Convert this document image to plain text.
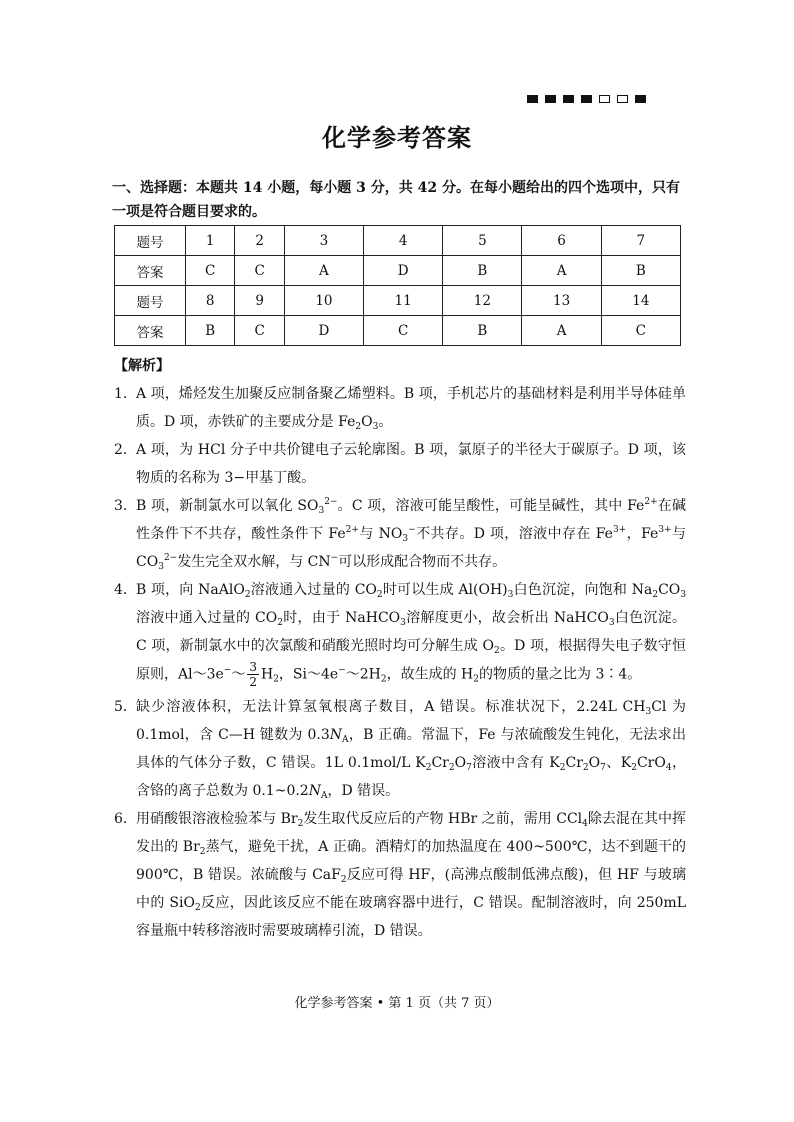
化学参考答案
一、选择题：本题共 14 小题，每小题 3 分，共 42 分。在每小题给出的四个选项中，只有一项是符合题目要求的。
题号	1	2	3	4	5	6	7
答案	C	C	A	D	B	A	B
题号	8	9	10	11	12	13	14
答案	B	C	D	C	B	A	C
【解析】
1． A 项，烯烃发生加聚反应制备聚乙烯塑料。B 项，手机芯片的基础材料是利用半导体硅单质。D 项，赤铁矿的主要成分是 $Fe_2O_3$。
2． A 项，为 HCl 分子中共价键电子云轮廓图。B 项，氯原子的半径大于碳原子。D 项，该物质的名称为 3−甲基丁酸。
3． B 项，新制氯水可以氧化 $SO_3^{2-}$。C 项，溶液可能呈酸性，可能呈碱性，其中 $Fe^{2+}$在碱性条件下不共存，酸性条件下 $Fe^{2+}$与 $NO_3^-$不共存。D 项，溶液中存在 $Fe^{3+}$，$Fe^{3+}$与 $CO_3^{2-}$发生完全双水解，与 CN−可以形成配合物而不共存。
4． B 项，向 NaAlO$_2$溶液通入过量的 $CO_2$时可以生成 $Al(OH)_3$白色沉淀，向饱和 $Na_2CO_3$溶液中通入过量的 $CO_2$时，由于 NaHCO$_3$溶解度更小，故会析出 NaHCO$_3$白色沉淀。C 项，新制氯水中的次氯酸和硝酸光照时均可分解生成 $O_2$。D 项，根据得失电子数守恒原则，Al～3e−～ $\frac{3}{2} H_2$，$Si\sim 4e^-\sim 2H_2$，故生成的 $H_2$的物质的量之比为 3∶4。
5． 缺少溶液体积，无法计算氢氧根离子数目，A 错误。标准状况下，2.24L $CH_3Cl$ 为 0.1mol，含 C—H 键数为 $0.3N_A$，B 正确。常温下，Fe 与浓硫酸发生钝化，无法求出具体的气体分子数，C 错误。1L 0.1mol/L $K_2Cr_2O_7$溶液中含有 $K_2Cr_2O_7$、$K_2CrO_4$，含铬的离子总数为 $0.1\sim 0.2N_A$，D 错误。
6． 用硝酸银溶液检验苯与 $Br_2$发生取代反应后的产物 HBr 之前，需用 CCl$_4$除去混在其中挥发出的 $Br_2$蒸气，避免干扰，A 正确。酒精灯的加热温度在 400~500℃，达不到题干的 900℃，B 错误。浓硫酸与 CaF$_2$反应可得 HF，(高沸点酸制低沸点酸)，但 HF 与玻璃中的 SiO$_2$反应，因此该反应不能在玻璃容器中进行，C 错误。配制溶液时，向 250mL 容量瓶中转移溶液时需要玻璃棒引流，D 错误。
化学参考答案 • 第 1 页（共 7 页）
